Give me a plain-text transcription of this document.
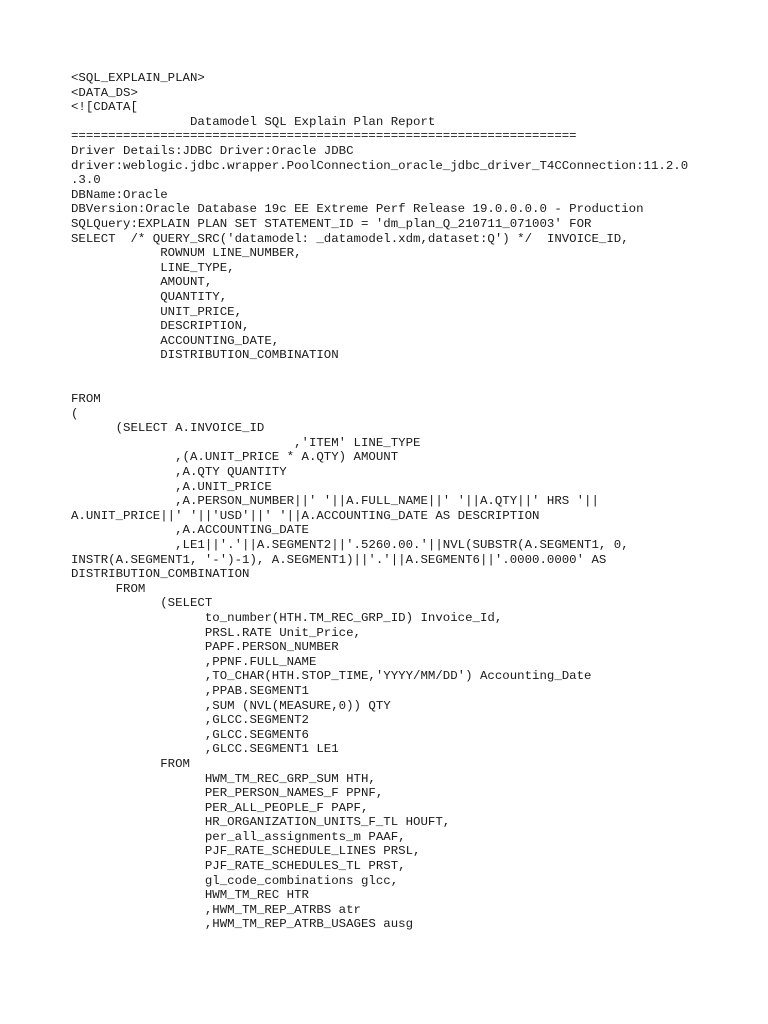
<SQL_EXPLAIN_PLAN>
<DATA_DS>
<![CDATA[
Datamodel SQL Explain Plan Report
====================================================================
Driver Details:JDBC Driver:Oracle JDBC
driver:weblogic.jdbc.wrapper.PoolConnection_oracle_jdbc_driver_T4CConnection:11.2.0
.3.0
DBName:Oracle
DBVersion:Oracle Database 19c EE Extreme Perf Release 19.0.0.0.0 - Production
SQLQuery:EXPLAIN PLAN SET STATEMENT_ID = 'dm_plan_Q_210711_071003' FOR
SELECT  /* QUERY_SRC('datamodel: _datamodel.xdm,dataset:Q') */  INVOICE_ID,
ROWNUM LINE_NUMBER,
LINE_TYPE,
AMOUNT,
QUANTITY,
UNIT_PRICE,
DESCRIPTION,
ACCOUNTING_DATE,
DISTRIBUTION_COMBINATION
FROM
(
(SELECT A.INVOICE_ID
,'ITEM' LINE_TYPE
,(A.UNIT_PRICE * A.QTY) AMOUNT
,A.QTY QUANTITY
,A.UNIT_PRICE
,A.PERSON_NUMBER||' '||A.FULL_NAME||' '||A.QTY||' HRS '||
A.UNIT_PRICE||' '||'USD'||' '||A.ACCOUNTING_DATE AS DESCRIPTION
,A.ACCOUNTING_DATE
,LE1||'.'||A.SEGMENT2||'.5260.00.'||NVL(SUBSTR(A.SEGMENT1, 0,
INSTR(A.SEGMENT1, '-')-1), A.SEGMENT1)||'.'||A.SEGMENT6||'.0000.0000' AS
DISTRIBUTION_COMBINATION
FROM
(SELECT
to_number(HTH.TM_REC_GRP_ID) Invoice_Id,
PRSL.RATE Unit_Price,
PAPF.PERSON_NUMBER
,PPNF.FULL_NAME
,TO_CHAR(HTH.STOP_TIME,'YYYY/MM/DD') Accounting_Date
,PPAB.SEGMENT1
,SUM (NVL(MEASURE,0)) QTY
,GLCC.SEGMENT2
,GLCC.SEGMENT6
,GLCC.SEGMENT1 LE1
FROM
HWM_TM_REC_GRP_SUM HTH,
PER_PERSON_NAMES_F PPNF,
PER_ALL_PEOPLE_F PAPF,
HR_ORGANIZATION_UNITS_F_TL HOUFT,
per_all_assignments_m PAAF,
PJF_RATE_SCHEDULE_LINES PRSL,
PJF_RATE_SCHEDULES_TL PRST,
gl_code_combinations glcc,
HWM_TM_REC HTR
,HWM_TM_REP_ATRBS atr
,HWM_TM_REP_ATRB_USAGES ausg
